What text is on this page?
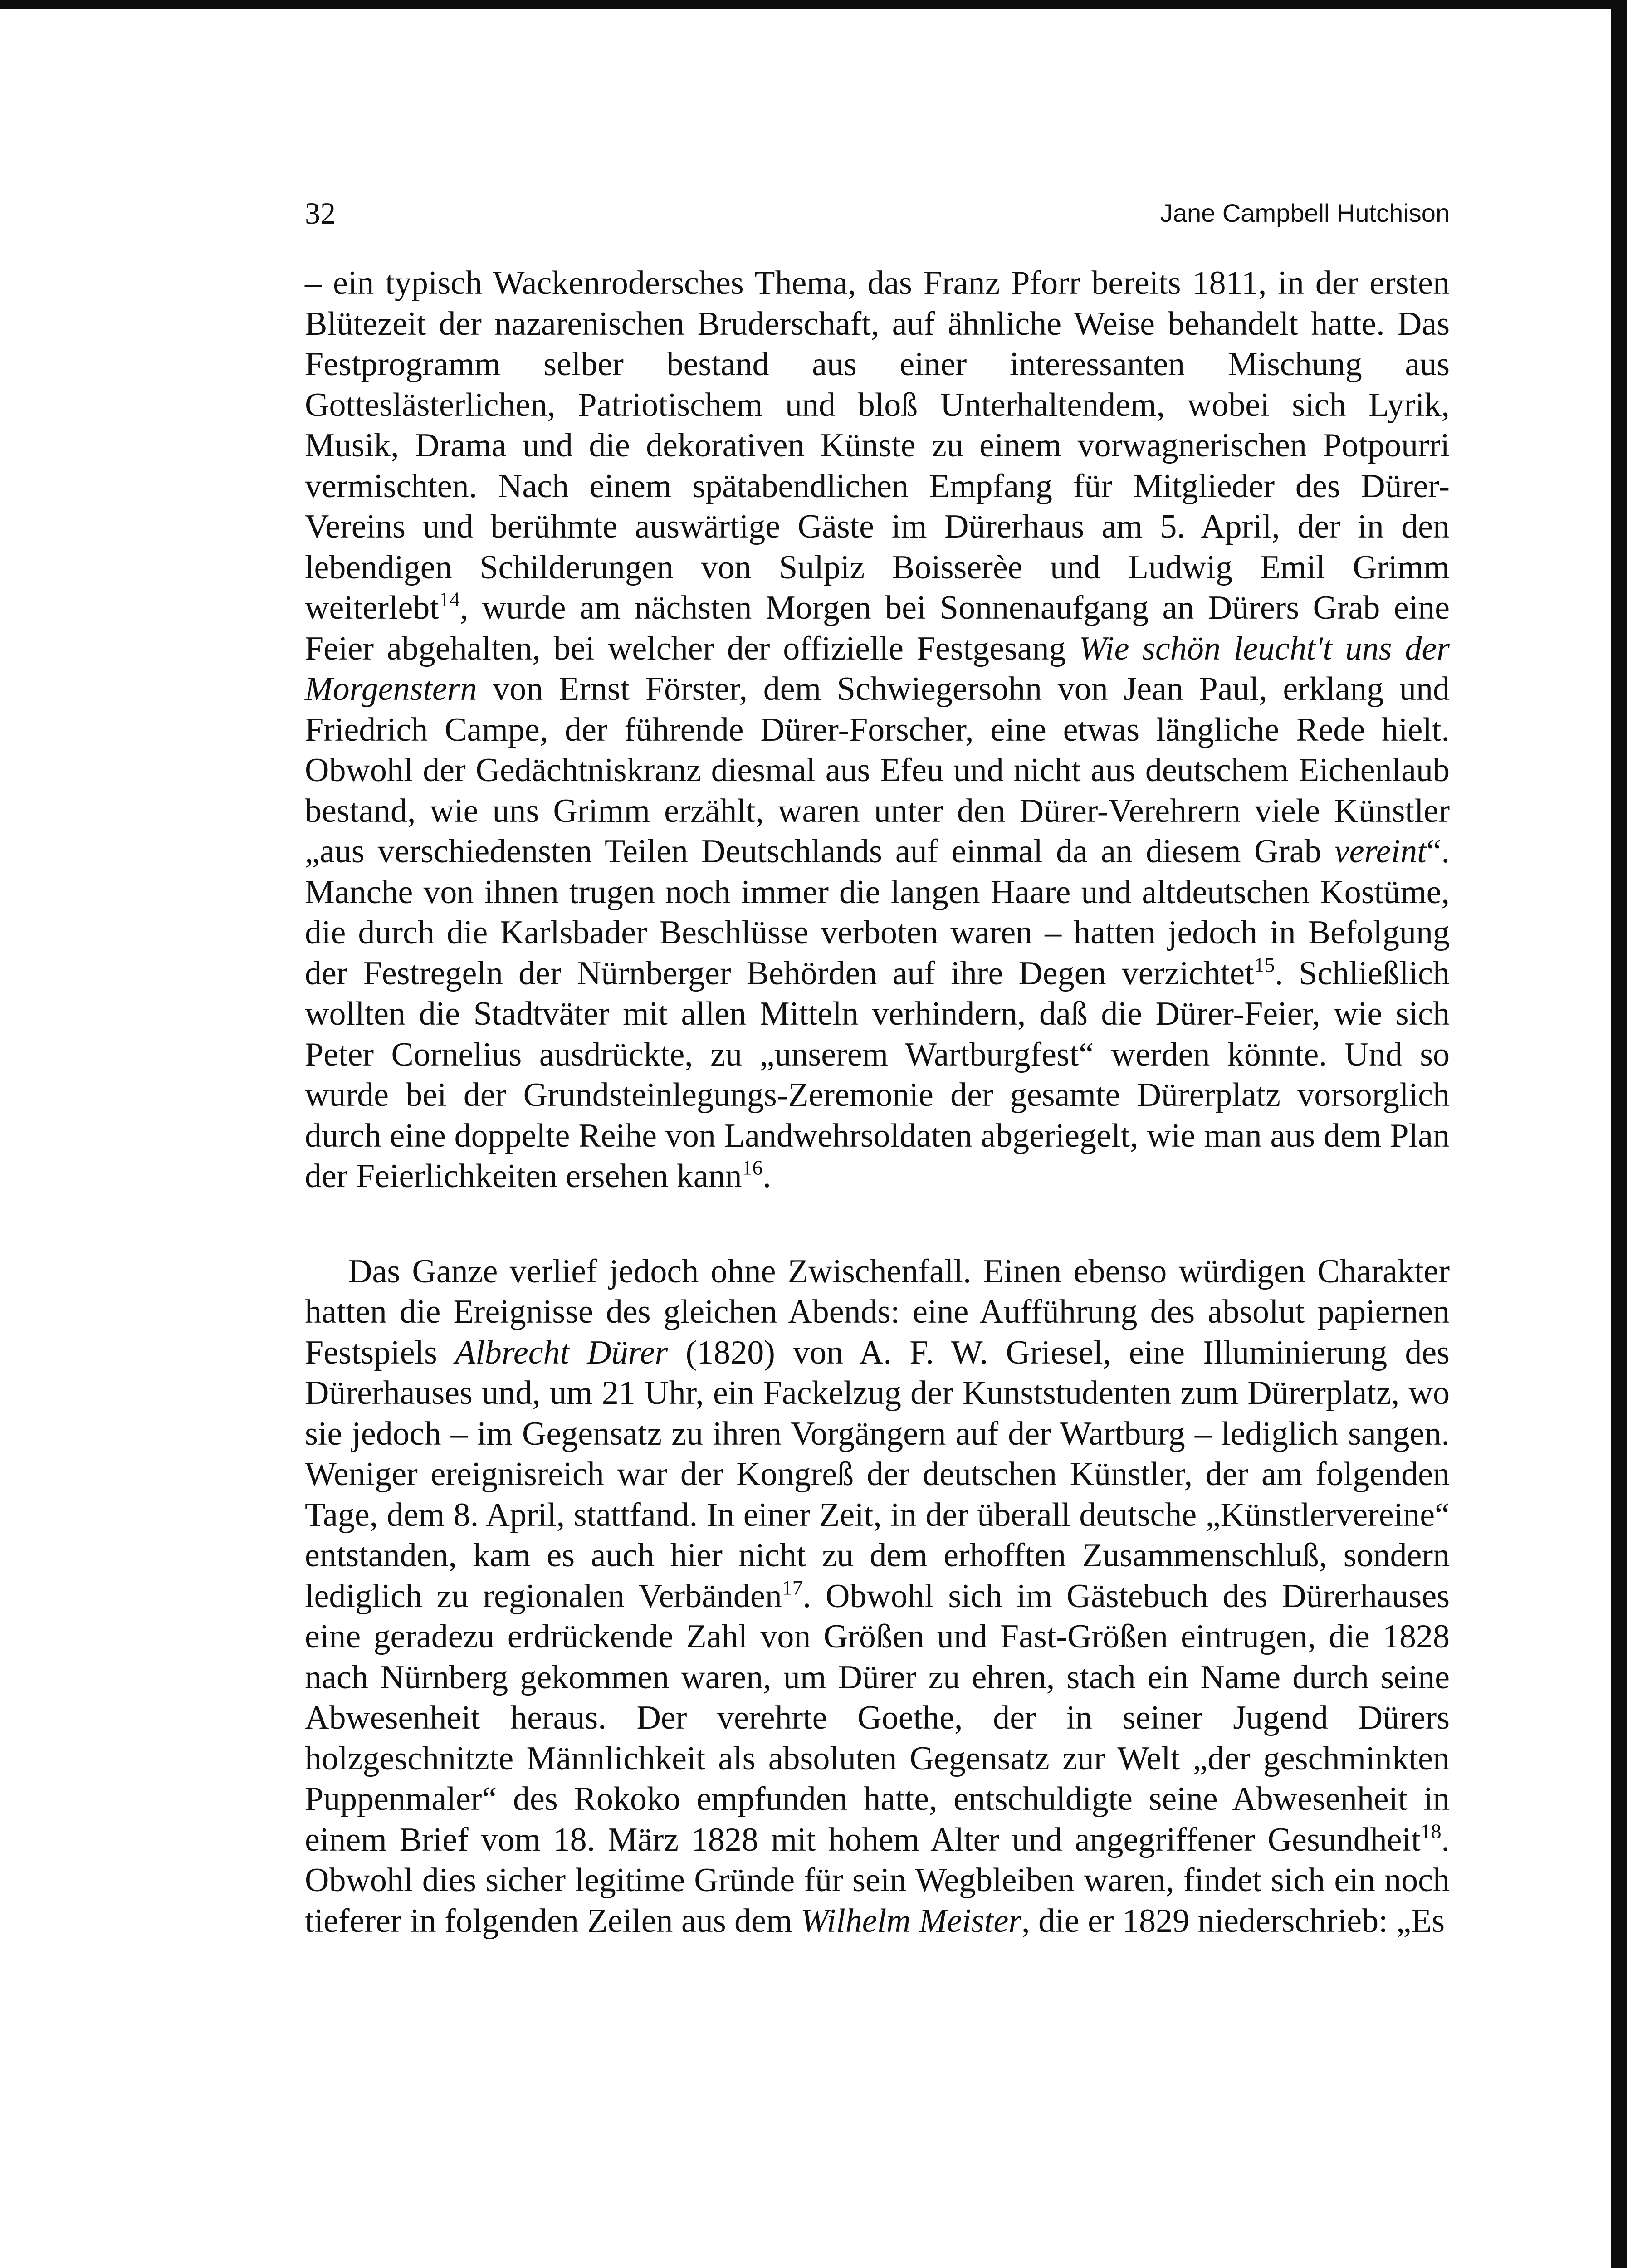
32	Jane Campbell Hutchison

– ein typisch Wackenrodersches Thema, das Franz Pforr bereits 1811, in der ersten Blütezeit der nazarenischen Bruderschaft, auf ähnliche Weise behandelt hatte. Das Festprogramm selber bestand aus einer interessanten Mischung aus Gotteslästerlichen, Patriotischem und bloß Unterhaltendem, wobei sich Lyrik, Musik, Drama und die dekorativen Künste zu einem vorwagnerischen Potpourri vermischten. Nach einem spätabendlichen Empfang für Mitglieder des Dürer-Vereins und berühmte auswärtige Gäste im Dürerhaus am 5. April, der in den lebendigen Schilderungen von Sulpiz Boisserèe und Ludwig Emil Grimm weiterlebt$^{14}$, wurde am nächsten Morgen bei Sonnenaufgang an Dürers Grab eine Feier abgehalten, bei welcher der offizielle Festgesang Wie schön leucht't uns der Morgenstern von Ernst Förster, dem Schwiegersohn von Jean Paul, erklang und Friedrich Campe, der führende Dürer-Forscher, eine etwas längliche Rede hielt. Obwohl der Gedächtniskranz diesmal aus Efeu und nicht aus deutschem Eichenlaub bestand, wie uns Grimm erzählt, waren unter den Dürer-Verehrern viele Künstler „aus verschiedensten Teilen Deutschlands auf einmal da an diesem Grab vereint“. Manche von ihnen trugen noch immer die langen Haare und altdeutschen Kostüme, die durch die Karlsbader Beschlüsse verboten waren – hatten jedoch in Befolgung der Festregeln der Nürnberger Behörden auf ihre Degen verzichtet$^{15}$. Schließlich wollten die Stadtväter mit allen Mitteln verhindern, daß die Dürer-Feier, wie sich Peter Cornelius ausdrückte, zu „unserem Wartburgfest“ werden könnte. Und so wurde bei der Grundsteinlegungs-Zeremonie der gesamte Dürerplatz vorsorglich durch eine doppelte Reihe von Landwehrsoldaten abgeriegelt, wie man aus dem Plan der Feierlichkeiten ersehen kann$^{16}$.

Das Ganze verlief jedoch ohne Zwischenfall. Einen ebenso würdigen Charakter hatten die Ereignisse des gleichen Abends: eine Aufführung des absolut papiernen Festspiels Albrecht Dürer (1820) von A. F. W. Griesel, eine Illuminierung des Dürerhauses und, um 21 Uhr, ein Fackelzug der Kunststudenten zum Dürerplatz, wo sie jedoch – im Gegensatz zu ihren Vorgängern auf der Wartburg – lediglich sangen. Weniger ereignisreich war der Kongreß der deutschen Künstler, der am folgenden Tage, dem 8. April, stattfand. In einer Zeit, in der überall deutsche „Künstlervereine“ entstanden, kam es auch hier nicht zu dem erhofften Zusammenschluß, sondern lediglich zu regionalen Verbänden$^{17}$. Obwohl sich im Gästebuch des Dürerhauses eine geradezu erdrückende Zahl von Größen und Fast-Größen eintrugen, die 1828 nach Nürnberg gekommen waren, um Dürer zu ehren, stach ein Name durch seine Abwesenheit heraus. Der verehrte Goethe, der in seiner Jugend Dürers holzgeschnitzte Männlichkeit als absoluten Gegensatz zur Welt „der geschminkten Puppenmaler“ des Rokoko empfunden hatte, entschuldigte seine Abwesenheit in einem Brief vom 18. März 1828 mit hohem Alter und angegriffener Gesundheit$^{18}$. Obwohl dies sicher legitime Gründe für sein Wegbleiben waren, findet sich ein noch tieferer in folgenden Zeilen aus dem Wilhelm Meister, die er 1829 niederschrieb: „Es
